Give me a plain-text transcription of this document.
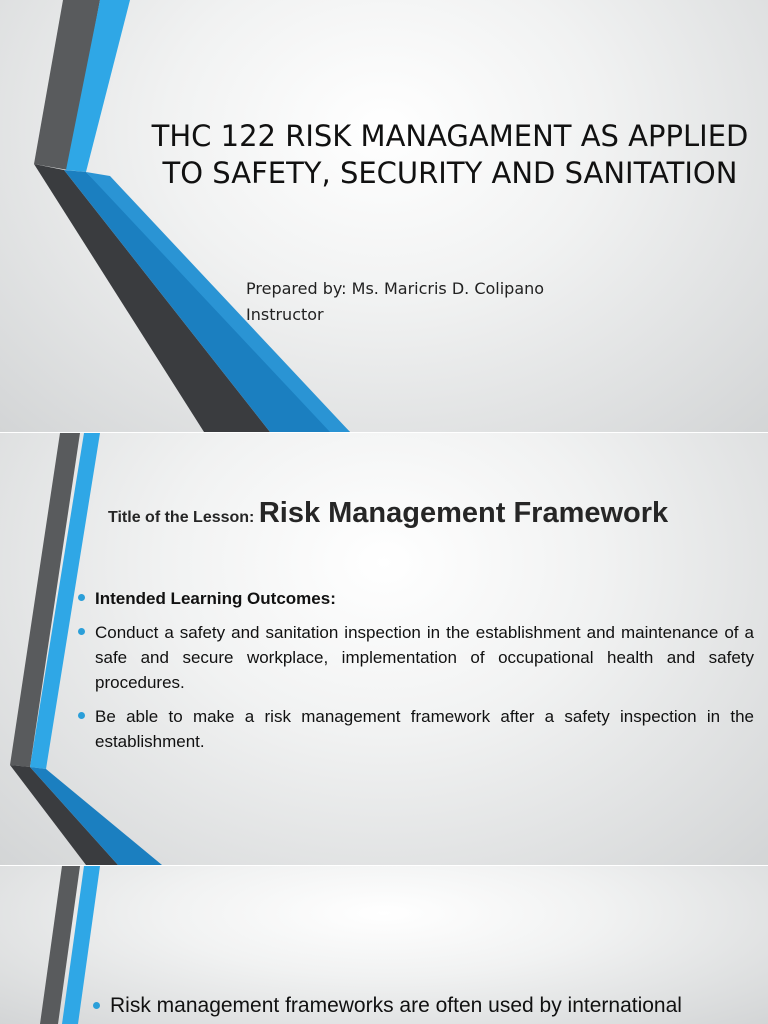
THC 122 RISK MANAGAMENT AS APPLIED TO SAFETY, SECURITY AND SANITATION
Prepared by: Ms. Maricris D. Colipano
Instructor
Title of the Lesson: Risk Management Framework
Intended Learning Outcomes:
Conduct a safety and sanitation inspection in the establishment and maintenance of a safe and secure workplace, implementation of occupational health and safety procedures.
Be able to make a risk management framework after a safety inspection in the establishment.
Risk management frameworks are often used by international
